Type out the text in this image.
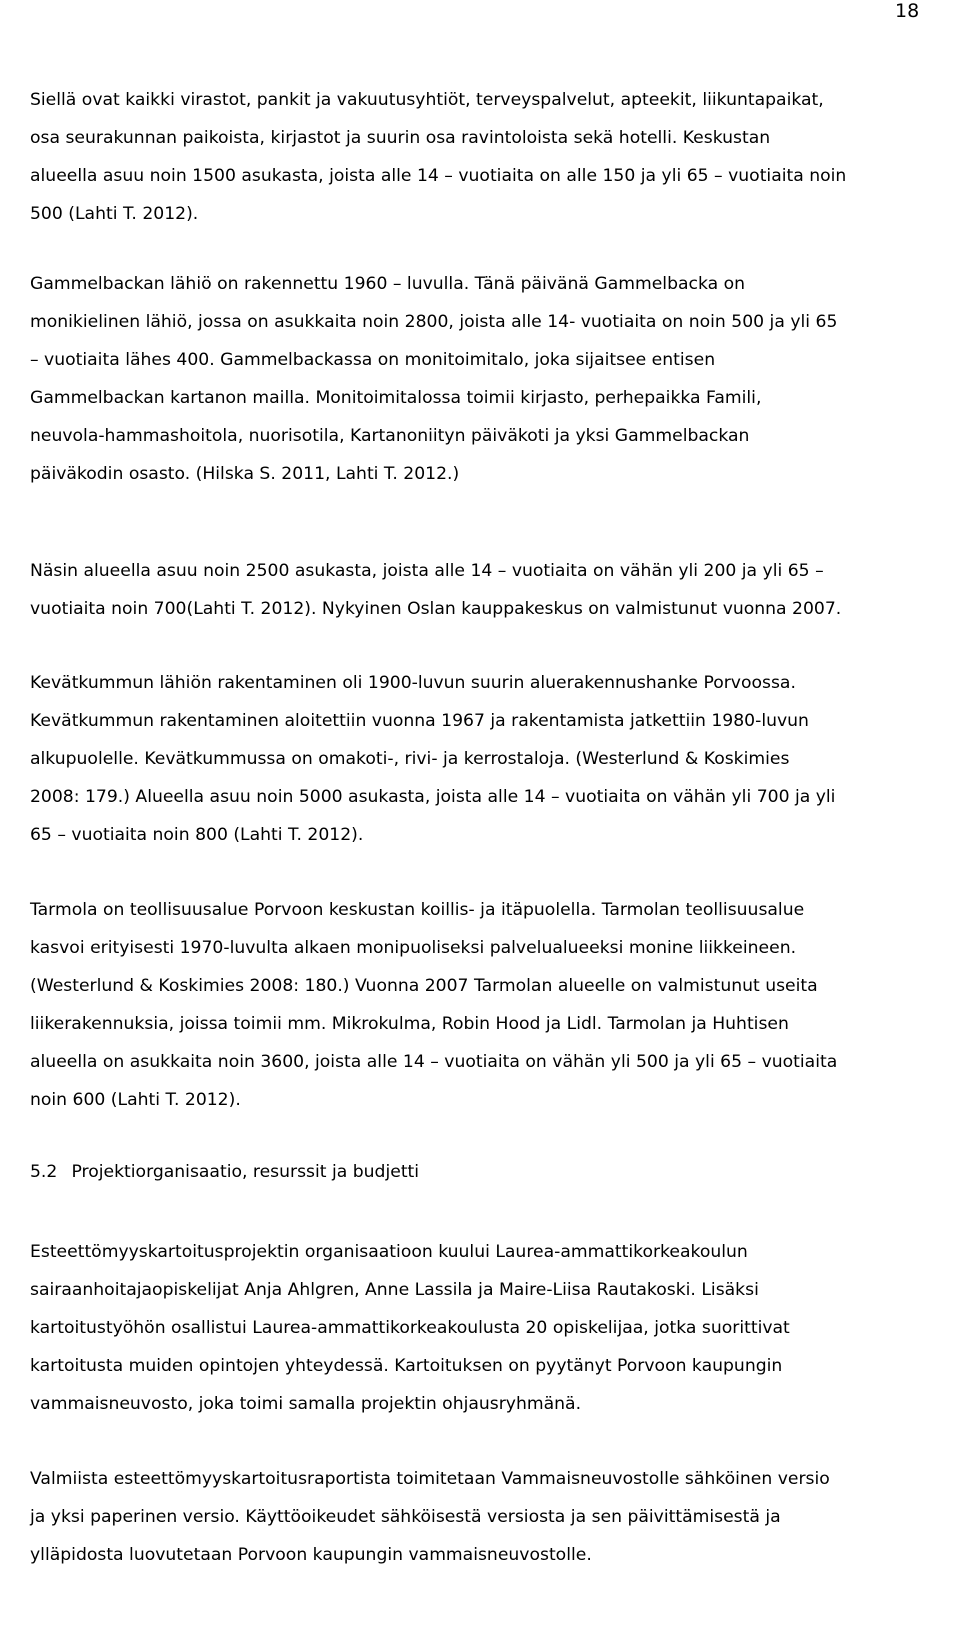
18

Siellä ovat kaikki virastot, pankit ja vakuutusyhtiöt, terveyspalvelut, apteekit, liikuntapaikat,
osa seurakunnan paikoista, kirjastot ja suurin osa ravintoloista sekä hotelli. Keskustan
alueella asuu noin 1500 asukasta, joista alle 14 – vuotiaita on alle 150 ja yli 65 – vuotiaita noin
500 (Lahti T. 2012).

Gammelbackan lähiö on rakennettu 1960 – luvulla. Tänä päivänä Gammelbacka on
monikielinen lähiö, jossa on asukkaita noin 2800, joista alle 14- vuotiaita on noin 500 ja yli 65
– vuotiaita lähes 400. Gammelbackassa on monitoimitalo, joka sijaitsee entisen
Gammelbackan kartanon mailla. Monitoimitalossa toimii kirjasto, perhepaikka Famili,
neuvola-hammashoitola, nuorisotila, Kartanoniityn päiväkoti ja yksi Gammelbackan
päiväkodin osasto. (Hilska S. 2011, Lahti T. 2012.)

Näsin alueella asuu noin 2500 asukasta, joista alle 14 – vuotiaita on vähän yli 200 ja yli 65 –
vuotiaita noin 700(Lahti T. 2012). Nykyinen Oslan kauppakeskus on valmistunut vuonna 2007.

Kevätkummun lähiön rakentaminen oli 1900-luvun suurin aluerakennushanke Porvoossa.
Kevätkummun rakentaminen aloitettiin vuonna 1967 ja rakentamista jatkettiin 1980-luvun
alkupuolelle. Kevätkummussa on omakoti-, rivi- ja kerrostaloja. (Westerlund & Koskimies
2008: 179.) Alueella asuu noin 5000 asukasta, joista alle 14 – vuotiaita on vähän yli 700 ja yli
65 – vuotiaita noin 800 (Lahti T. 2012).

Tarmola on teollisuusalue Porvoon keskustan koillis- ja itäpuolella. Tarmolan teollisuusalue
kasvoi erityisesti 1970-luvulta alkaen monipuoliseksi palvelualueeksi monine liikkeineen.
(Westerlund & Koskimies 2008: 180.) Vuonna 2007 Tarmolan alueelle on valmistunut useita
liikerakennuksia, joissa toimii mm. Mikrokulma, Robin Hood ja Lidl. Tarmolan ja Huhtisen
alueella on asukkaita noin 3600, joista alle 14 – vuotiaita on vähän yli 500 ja yli 65 – vuotiaita
noin 600 (Lahti T. 2012).

5.2 Projektiorganisaatio, resurssit ja budjetti

Esteettömyyskartoitusprojektin organisaatioon kuului Laurea-ammattikorkeakoulun
sairaanhoitajaopiskelijat Anja Ahlgren, Anne Lassila ja Maire-Liisa Rautakoski. Lisäksi
kartoitustyöhön osallistui Laurea-ammattikorkeakoulusta 20 opiskelijaa, jotka suorittivat
kartoitusta muiden opintojen yhteydessä. Kartoituksen on pyytänyt Porvoon kaupungin
vammaisneuvosto, joka toimi samalla projektin ohjausryhmänä.

Valmiista esteettömyyskartoitusraportista toimitetaan Vammaisneuvostolle sähköinen versio
ja yksi paperinen versio. Käyttöoikeudet sähköisestä versiosta ja sen päivittämisestä ja
ylläpidosta luovutetaan Porvoon kaupungin vammaisneuvostolle.
